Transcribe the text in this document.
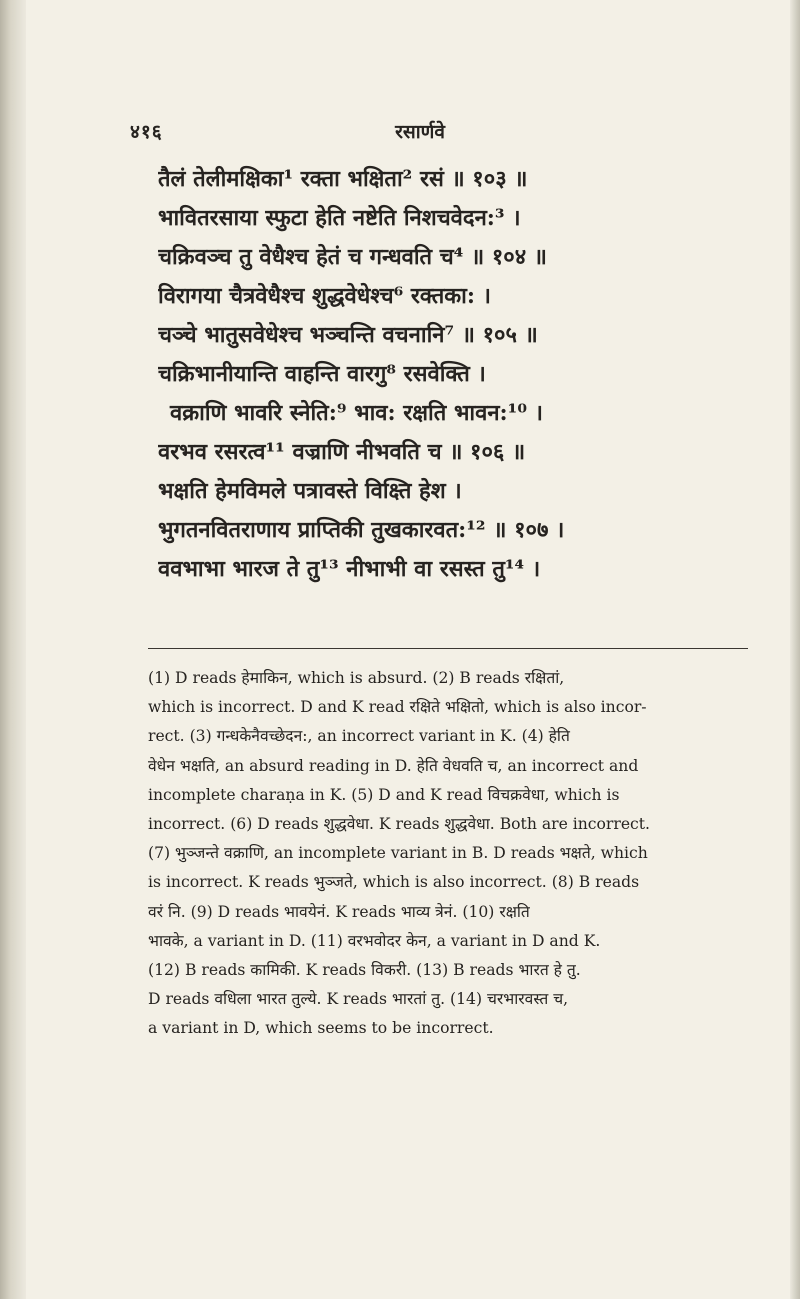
४१६	रसार्णवे
तैलं तेलीमक्षिका¹ रक्ता भक्षिता² रसं ॥ १०३ ॥
भावितरसाया स्फुटा हेति नष्टेति निशचवेदन:³ ।
चक्रिवञ्च तु वेधैश्च हेतं च गन्धवति च⁴ ॥ १०४ ॥
विरागया चैत्रवेधैश्च शुद्धवेधेश्च⁶ रक्तका: ।
चञ्चे भातुसवेधेश्च भञ्चन्ति वचनानि⁷ ॥ १०५ ॥
चक्रिभानीयान्ति वाहन्ति वारगु⁸ रसवेक्ति ।
वक्राणि भावरि स्नेति:⁹ भाव: रक्षति भावन:¹⁰ ।
वरभव रसरत्व¹¹ वज्राणि नीभवति च ॥ १०६ ॥
भक्षति हेमविमले पत्रावस्ते विक्ष्ति हेश ।
भुगतनवितराणाय प्राप्तिकी तुखकारवत:¹² ॥ १०७ ।
ववभाभा भारज ते तु¹³ नीभाभी वा रसस्त तु¹⁴ ।
(1) D reads हेमाकिन, which is absurd. (2) B reads रक्षितां,
which is incorrect. D and K read रक्षिते भक्षितो, which is also incor-
rect. (3) गन्धकेनैवच्छेदन:, an incorrect variant in K. (4) हेति
वेधेन भक्षति, an absurd reading in D. हेति वेधवति च, an incorrect and
incomplete charaṇa in K. (5) D and K read विचक्रवेधा, which is
incorrect. (6) D reads शुद्धवेधा. K reads शुद्धवेधा. Both are incorrect.
(7) भुञ्जन्ते वक्राणि, an incomplete variant in B. D reads भक्षते, which
is incorrect. K reads भुञ्जते, which is also incorrect. (8) B reads
वरं नि. (9) D reads भावयेनं. K reads भाव्य त्रेनं. (10) रक्षति
भावके, a variant in D. (11) वरभवोदर केन, a variant in D and K.
(12) B reads कामिकी. K reads विकरी. (13) B reads भारत हे तु.
D reads वधिला भारत तुल्ये. K reads भारतां तु. (14) चरभारवस्त च,
a variant in D, which seems to be incorrect.
